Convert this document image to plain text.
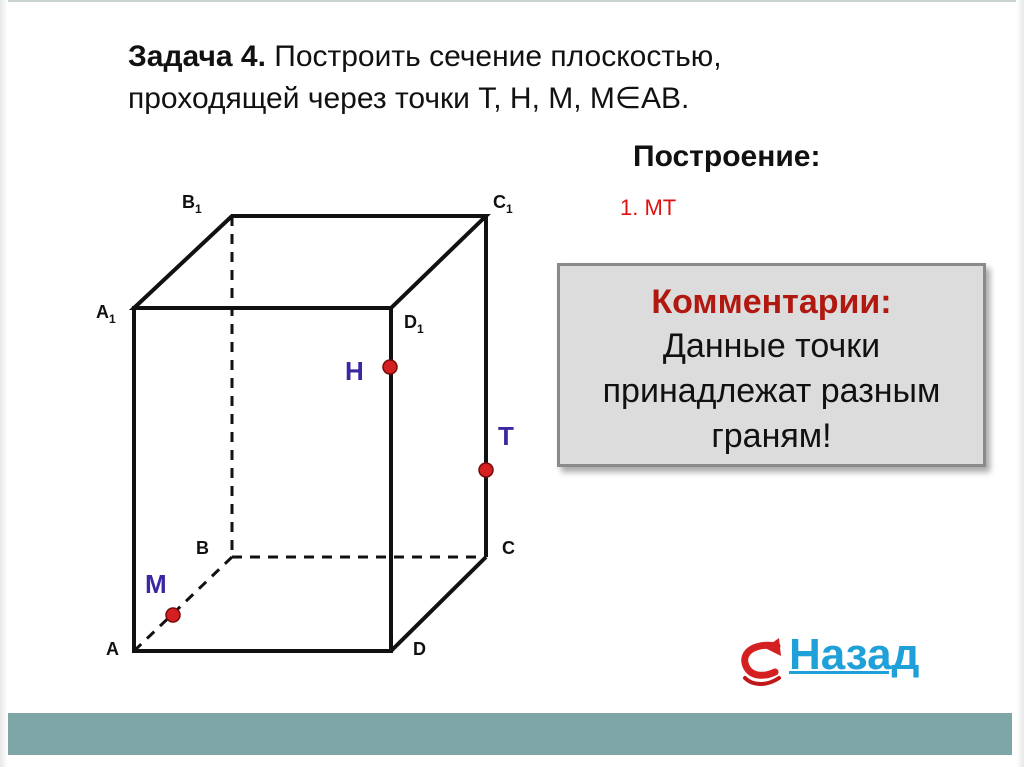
Задача 4. Построить сечение плоскостью,
проходящей через точки T, H, M, M∈AB.
Построение:
1. MT
$B_1$	$C_1$
$A_1$	$D_1$
B	C
A	D
H
T
M
Комментарии:
Данные точки
принадлежат разным
граням!
Назад
